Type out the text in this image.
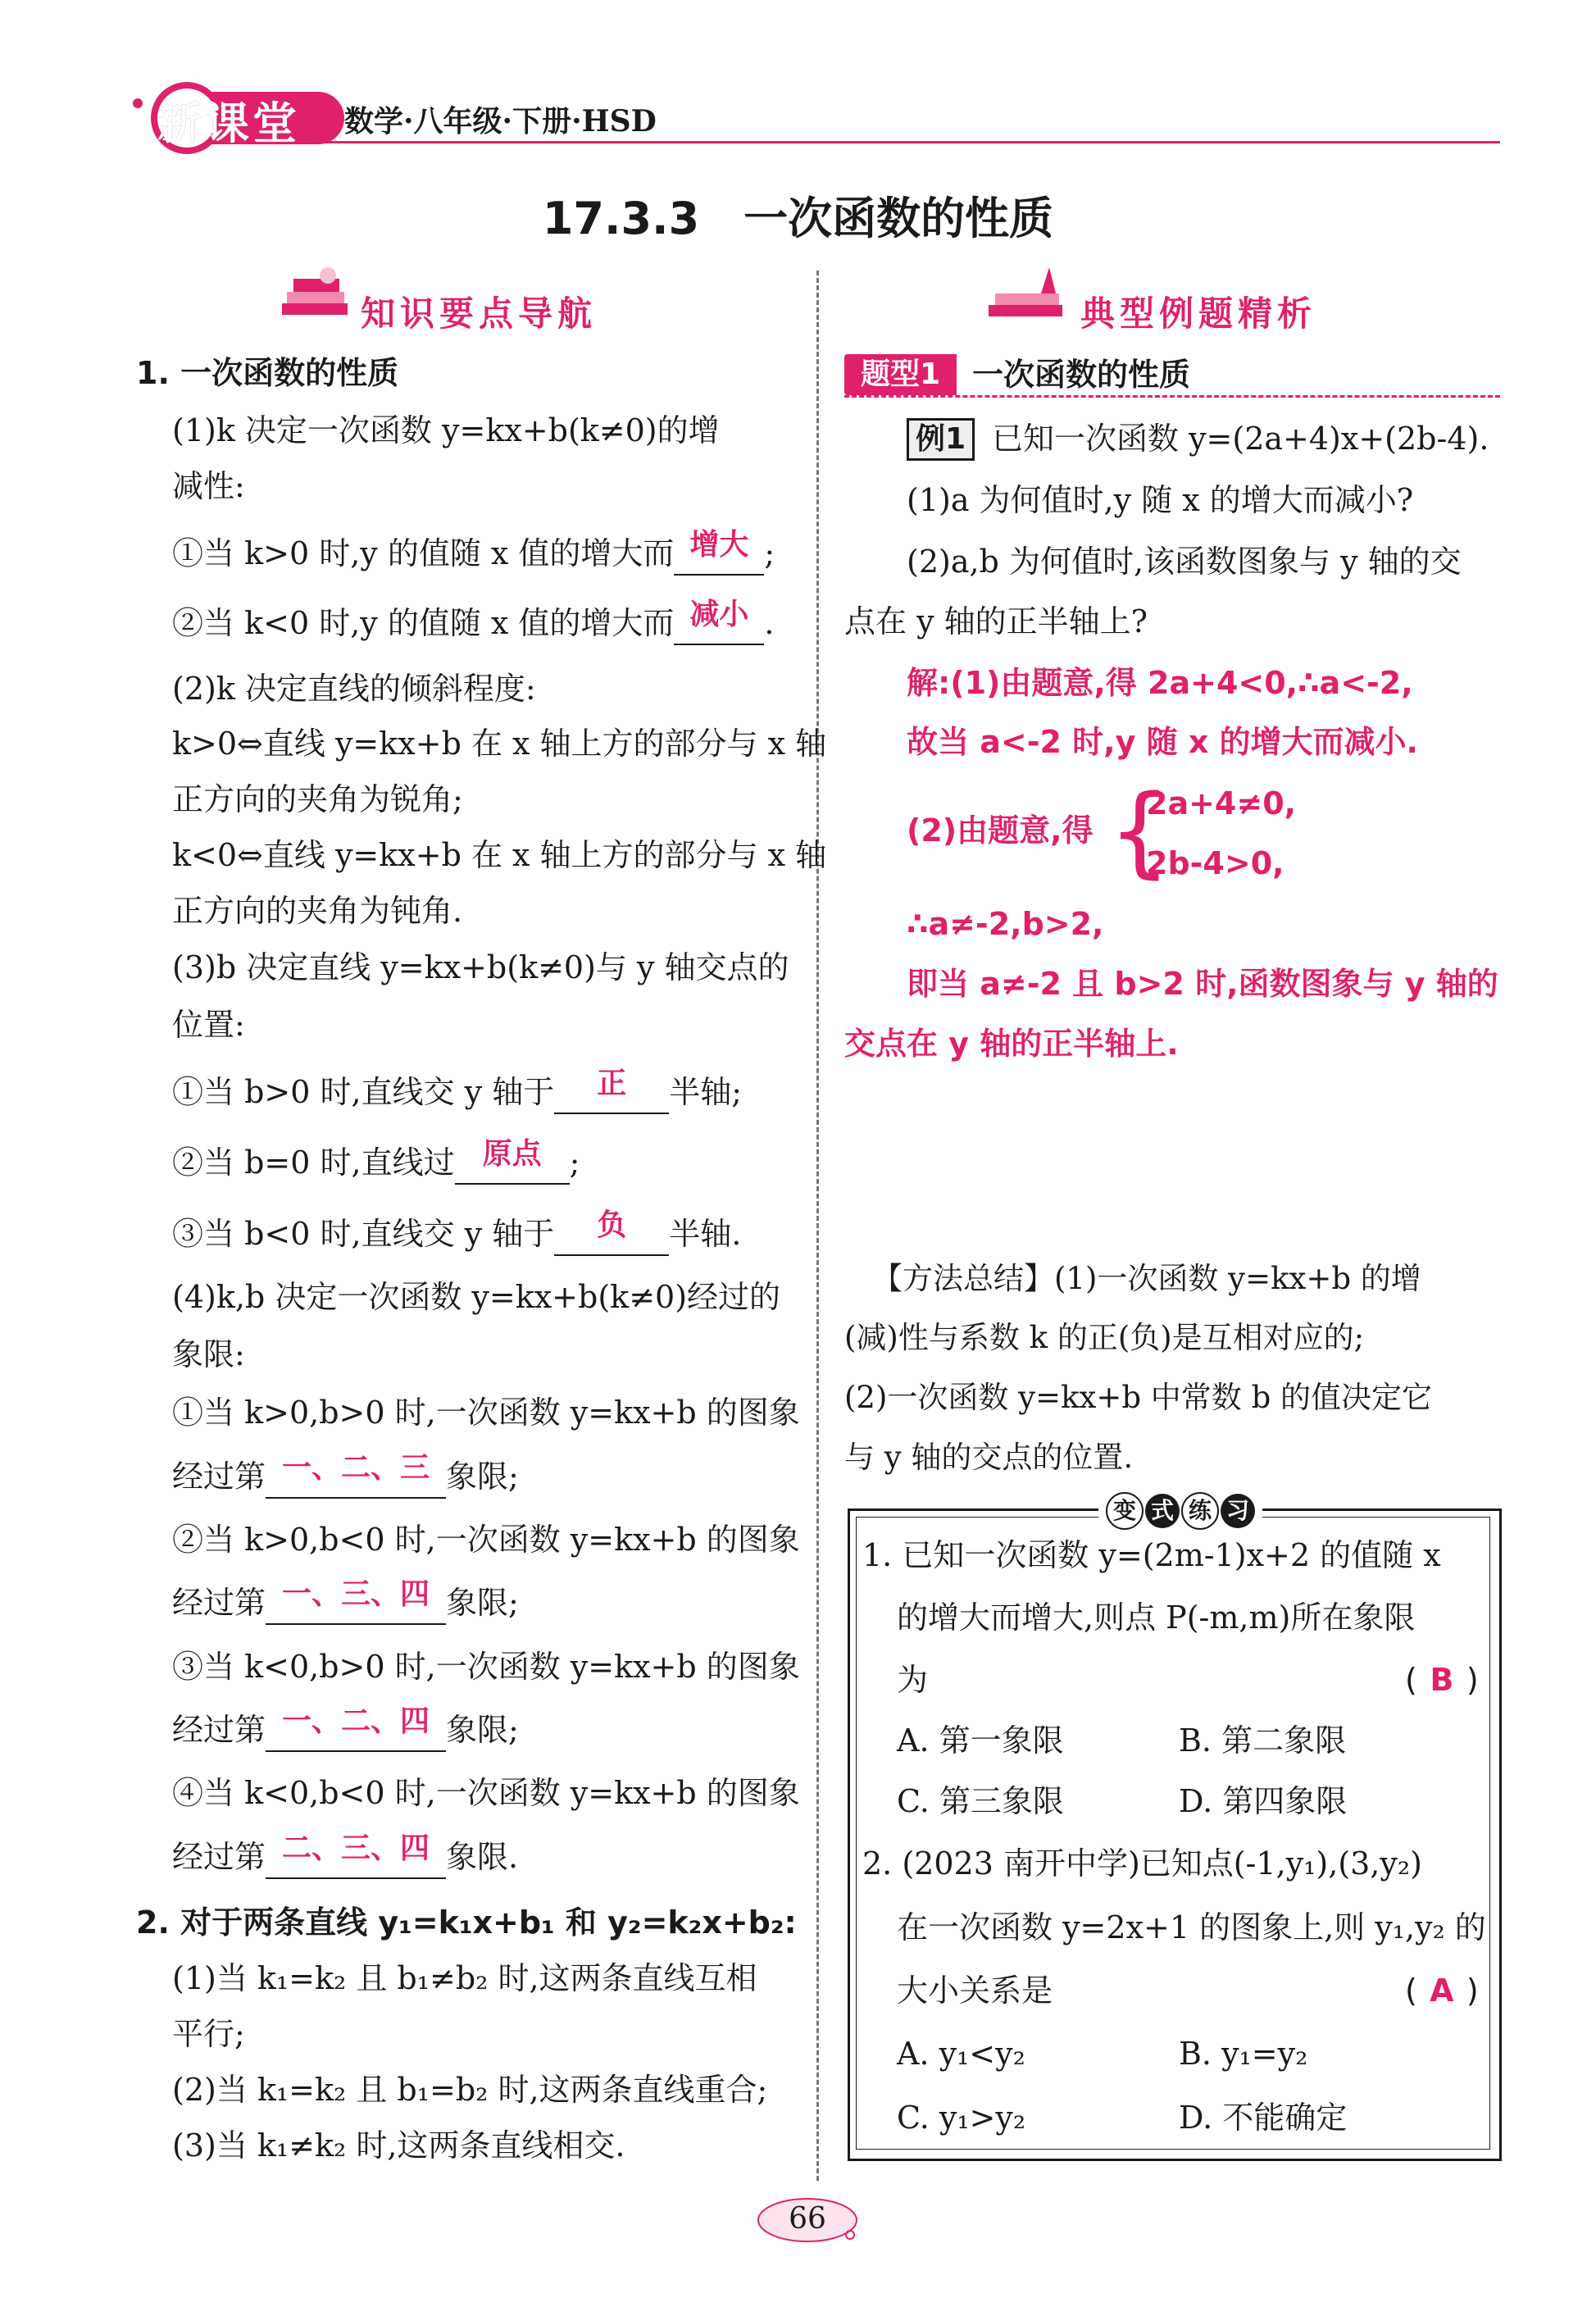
新课堂 数学·八年级·下册·HSD
17.3.3　一次函数的性质
知识要点导航
1. 一次函数的性质
(1)k 决定一次函数 y=kx+b(k≠0)的增
减性:
①当 k>0 时,y 的值随 x 值的增大而 增大 ;
②当 k<0 时,y 的值随 x 值的增大而 减小 .
(2)k 决定直线的倾斜程度:
k>0⇔直线 y=kx+b 在 x 轴上方的部分与 x 轴
正方向的夹角为锐角;
k<0⇔直线 y=kx+b 在 x 轴上方的部分与 x 轴
正方向的夹角为钝角.
(3)b 决定直线 y=kx+b(k≠0)与 y 轴交点的
位置:
①当 b>0 时,直线交 y 轴于	正	半轴;
②当 b=0 时,直线过 原点 ;
③当 b<0 时,直线交 y 轴于	负	半轴.
(4)k,b 决定一次函数 y=kx+b(k≠0)经过的
象限:
①当 k>0,b>0 时,一次函数 y=kx+b 的图象
经过第 一、二、三 象限;
②当 k>0,b<0 时,一次函数 y=kx+b 的图象
经过第 一、三、四 象限;
③当 k<0,b>0 时,一次函数 y=kx+b 的图象
经过第 一、二、四 象限;
④当 k<0,b<0 时,一次函数 y=kx+b 的图象
经过第 二、三、四 象限.
2. 对于两条直线 y₁=k₁x+b₁ 和 y₂=k₂x+b₂:
(1)当 k₁=k₂ 且 b₁≠b₂ 时,这两条直线互相
平行;
(2)当 k₁=k₂ 且 b₁=b₂ 时,这两条直线重合;
(3)当 k₁≠k₂ 时,这两条直线相交.
典型例题精析
题型1	一次函数的性质
例1 已知一次函数 y=(2a+4)x+(2b-4).
(1)a 为何值时,y 随 x 的增大而减小?
(2)a,b 为何值时,该函数图象与 y 轴的交
点在 y 轴的正半轴上?
解:(1)由题意,得 2a+4<0,∴a<-2,
故当 a<-2 时,y 随 x 的增大而减小.
(2)由题意,得 {
2a+4≠0,
2b-4>0,
∴a≠-2,b>2,
即当 a≠-2 且 b>2 时,函数图象与 y 轴的
交点在 y 轴的正半轴上.
【方法总结】(1)一次函数 y=kx+b 的增
(减)性与系数 k 的正(负)是互相对应的;
(2)一次函数 y=kx+b 中常数 b 的值决定它
与 y 轴的交点的位置.
变 式 练 习
1. 已知一次函数 y=(2m-1)x+2 的值随 x
的增大而增大,则点 P(-m,m)所在象限
为	( B )
A. 第一象限	B. 第二象限
C. 第三象限	D. 第四象限
2. (2023 南开中学)已知点(-1,y₁),(3,y₂)
在一次函数 y=2x+1 的图象上,则 y₁,y₂ 的
大小关系是	( A )
A. y₁<y₂	B. y₁=y₂
C. y₁>y₂	D. 不能确定
66
